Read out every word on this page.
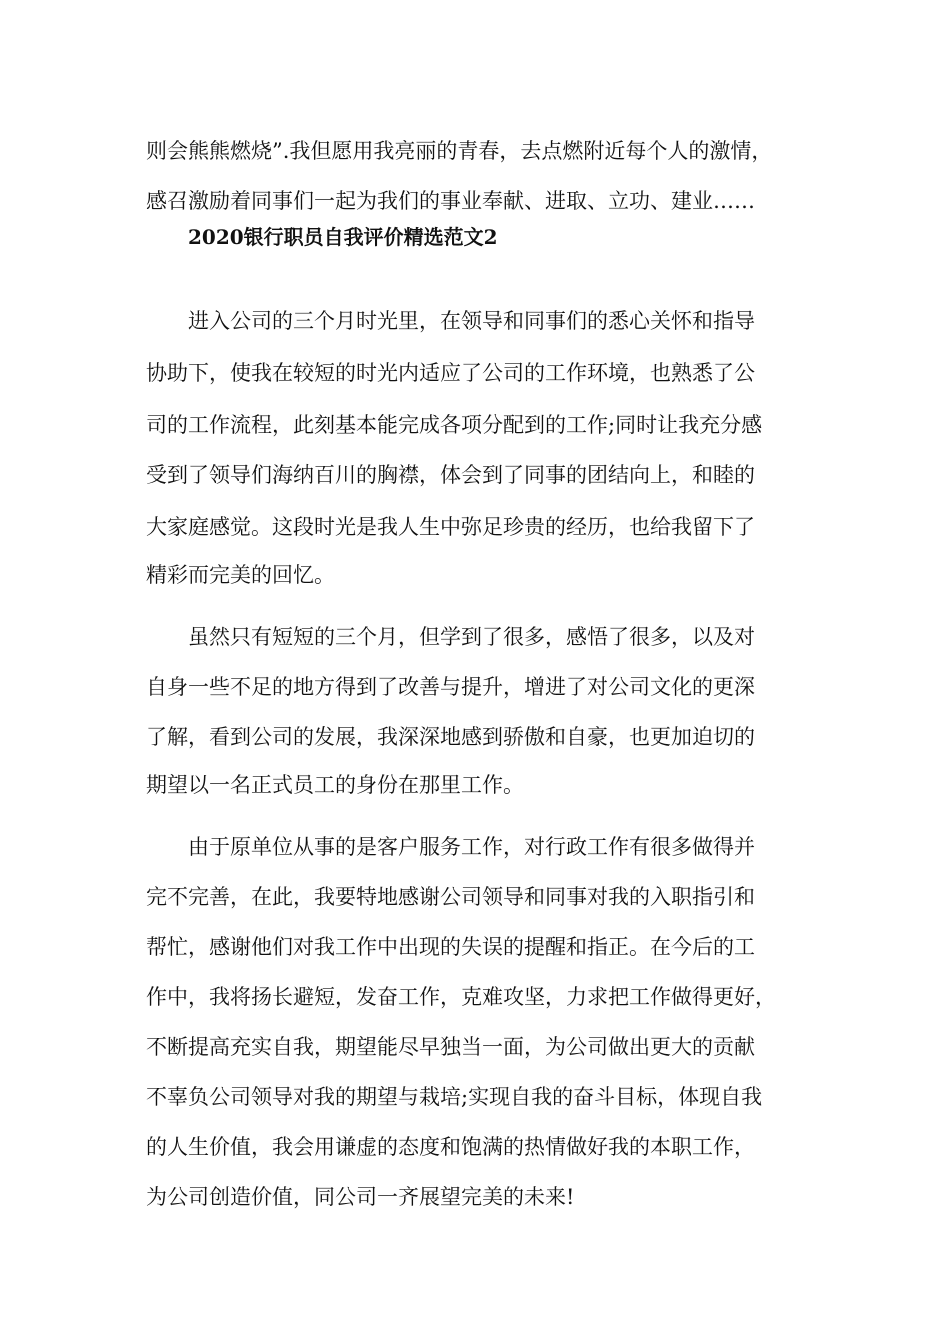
则会熊熊燃烧”.我但愿用我亮丽的青春，去点燃附近每个人的激情，
感召激励着同事们一起为我们的事业奉献、进取、立功、建业……
2020银行职员自我评价精选范文2
进入公司的三个月时光里，在领导和同事们的悉心关怀和指导
协助下，使我在较短的时光内适应了公司的工作环境，也熟悉了公
司的工作流程，此刻基本能完成各项分配到的工作;同时让我充分感
受到了领导们海纳百川的胸襟，体会到了同事的团结向上，和睦的
大家庭感觉。这段时光是我人生中弥足珍贵的经历，也给我留下了
精彩而完美的回忆。
虽然只有短短的三个月，但学到了很多，感悟了很多，以及对
自身一些不足的地方得到了改善与提升，增进了对公司文化的更深
了解，看到公司的发展，我深深地感到骄傲和自豪，也更加迫切的
期望以一名正式员工的身份在那里工作。
由于原单位从事的是客户服务工作，对行政工作有很多做得并
完不完善，在此，我要特地感谢公司领导和同事对我的入职指引和
帮忙，感谢他们对我工作中出现的失误的提醒和指正。在今后的工
作中，我将扬长避短，发奋工作，克难攻坚，力求把工作做得更好，
不断提高充实自我，期望能尽早独当一面，为公司做出更大的贡献
不辜负公司领导对我的期望与栽培;实现自我的奋斗目标，体现自我
的人生价值，我会用谦虚的态度和饱满的热情做好我的本职工作，
为公司创造价值，同公司一齐展望完美的未来!
